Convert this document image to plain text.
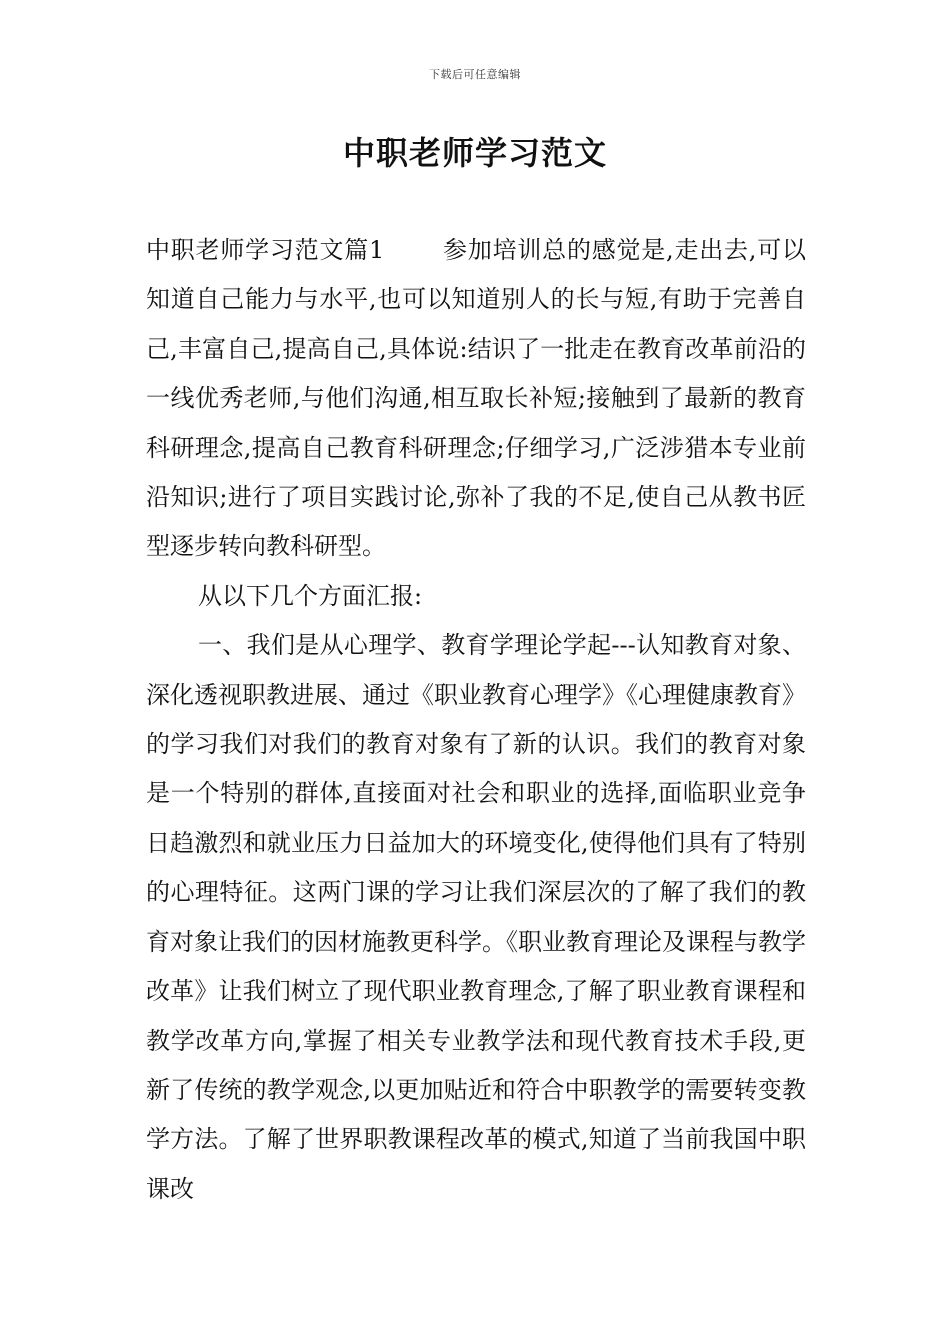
下载后可任意编辑
中职老师学习范文

中职老师学习范文篇1 参加培训总的感觉是,走出去,可以知道自己能力与水平,也可以知道别人的长与短,有助于完善自己,丰富自己,提高自己,具体说:结识了一批走在教育改革前沿的一线优秀老师,与他们沟通,相互取长补短;接触到了最新的教育科研理念,提高自己教育科研理念;仔细学习,广泛涉猎本专业前沿知识;进行了项目实践讨论,弥补了我的不足,使自己从教书匠型逐步转向教科研型。

从以下几个方面汇报:

一、我们是从心理学、教育学理论学起---认知教育对象、深化透视职教进展、通过《职业教育心理学》《心理健康教育》的学习我们对我们的教育对象有了新的认识。我们的教育对象是一个特别的群体,直接面对社会和职业的选择,面临职业竞争日趋激烈和就业压力日益加大的环境变化,使得他们具有了特别的心理特征。这两门课的学习让我们深层次的了解了我们的教育对象让我们的因材施教更科学。《职业教育理论及课程与教学改革》让我们树立了现代职业教育理念,了解了职业教育课程和教学改革方向,掌握了相关专业教学法和现代教育技术手段,更新了传统的教学观念,以更加贴近和符合中职教学的需要转变教学方法。了解了世界职教课程改革的模式,知道了当前我国中职课改
